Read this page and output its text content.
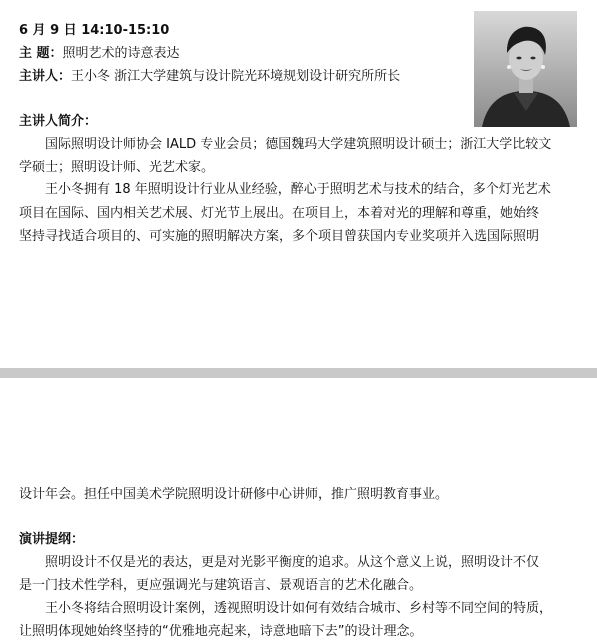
6 月 9 日 14:10-15:10
主 题：照明艺术的诗意表达
主讲人：王小冬 浙江大学建筑与设计院光环境规划设计研究所所长
主讲人简介：
国际照明设计师协会 IALD 专业会员；德国魏玛大学建筑照明设计硕士；浙江大学比较文
学硕士；照明设计师、光艺术家。
王小冬拥有 18 年照明设计行业从业经验，醉心于照明艺术与技术的结合，多个灯光艺术
项目在国际、国内相关艺术展、灯光节上展出。在项目上，本着对光的理解和尊重，她始终
坚持寻找适合项目的、可实施的照明解决方案，多个项目曾获国内专业奖项并入选国际照明
设计年会。担任中国美术学院照明设计研修中心讲师，推广照明教育事业。
演讲提纲：
照明设计不仅是光的表达，更是对光影平衡度的追求。从这个意义上说，照明设计不仅
是一门技术性学科，更应强调光与建筑语言、景观语言的艺术化融合。
王小冬将结合照明设计案例，透视照明设计如何有效结合城市、乡村等不同空间的特质，
让照明体现她始终坚持的“优雅地亮起来，诗意地暗下去”的设计理念。
